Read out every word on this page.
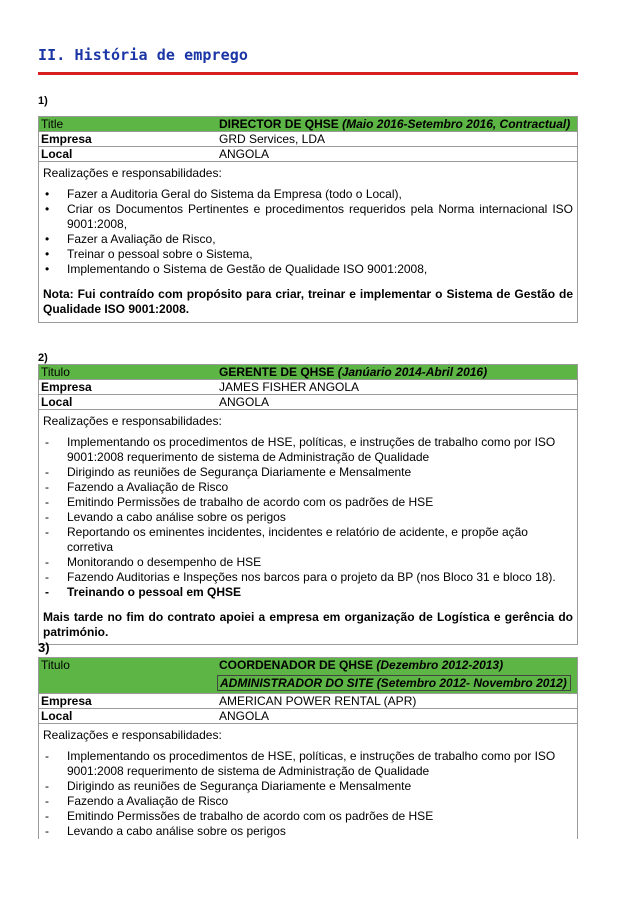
II. História de emprego
1)
Title	DIRECTOR DE QHSE (Maio 2016-Setembro 2016, Contractual)
Empresa	GRD Services, LDA
Local	ANGOLA
Realizações e responsabilidades:
• Fazer a Auditoria Geral do Sistema da Empresa (todo o Local),
• Criar os Documentos Pertinentes e procedimentos requeridos pela Norma internacional ISO 9001:2008,
• Fazer a Avaliação de Risco,
• Treinar o pessoal sobre o Sistema,
• Implementando o Sistema de Gestão de Qualidade ISO 9001:2008,
Nota: Fui contraído com propósito para criar, treinar e implementar o Sistema de Gestão de Qualidade ISO 9001:2008.
2)
Titulo	GERENTE DE QHSE (Janúario 2014-Abril 2016)
Empresa	JAMES FISHER ANGOLA
Local	ANGOLA
Realizações e responsabilidades:
- Implementando os procedimentos de HSE, políticas, e instruções de trabalho como por ISO 9001:2008 requerimento de sistema de Administração de Qualidade
- Dirigindo as reuniões de Segurança Diariamente e Mensalmente
- Fazendo a Avaliação de Risco
- Emitindo Permissões de trabalho de acordo com os padrões de HSE
- Levando a cabo análise sobre os perigos
- Reportando os eminentes incidentes, incidentes e relatório de acidente, e propõe ação corretiva
- Monitorando o desempenho de HSE
- Fazendo Auditorias e Inspeções nos barcos para o projeto da BP (nos Bloco 31 e bloco 18).
- Treinando o pessoal em QHSE
Mais tarde no fim do contrato apoiei a empresa em organização de Logística e gerência do património.
3)
Titulo	COORDENADOR DE QHSE (Dezembro 2012-2013)
ADMINISTRADOR DO SITE (Setembro 2012- Novembro 2012)
Empresa	AMERICAN POWER RENTAL (APR)
Local	ANGOLA
Realizações e responsabilidades:
- Implementando os procedimentos de HSE, políticas, e instruções de trabalho como por ISO 9001:2008 requerimento de sistema de Administração de Qualidade
- Dirigindo as reuniões de Segurança Diariamente e Mensalmente
- Fazendo a Avaliação de Risco
- Emitindo Permissões de trabalho de acordo com os padrões de HSE
- Levando a cabo análise sobre os perigos
